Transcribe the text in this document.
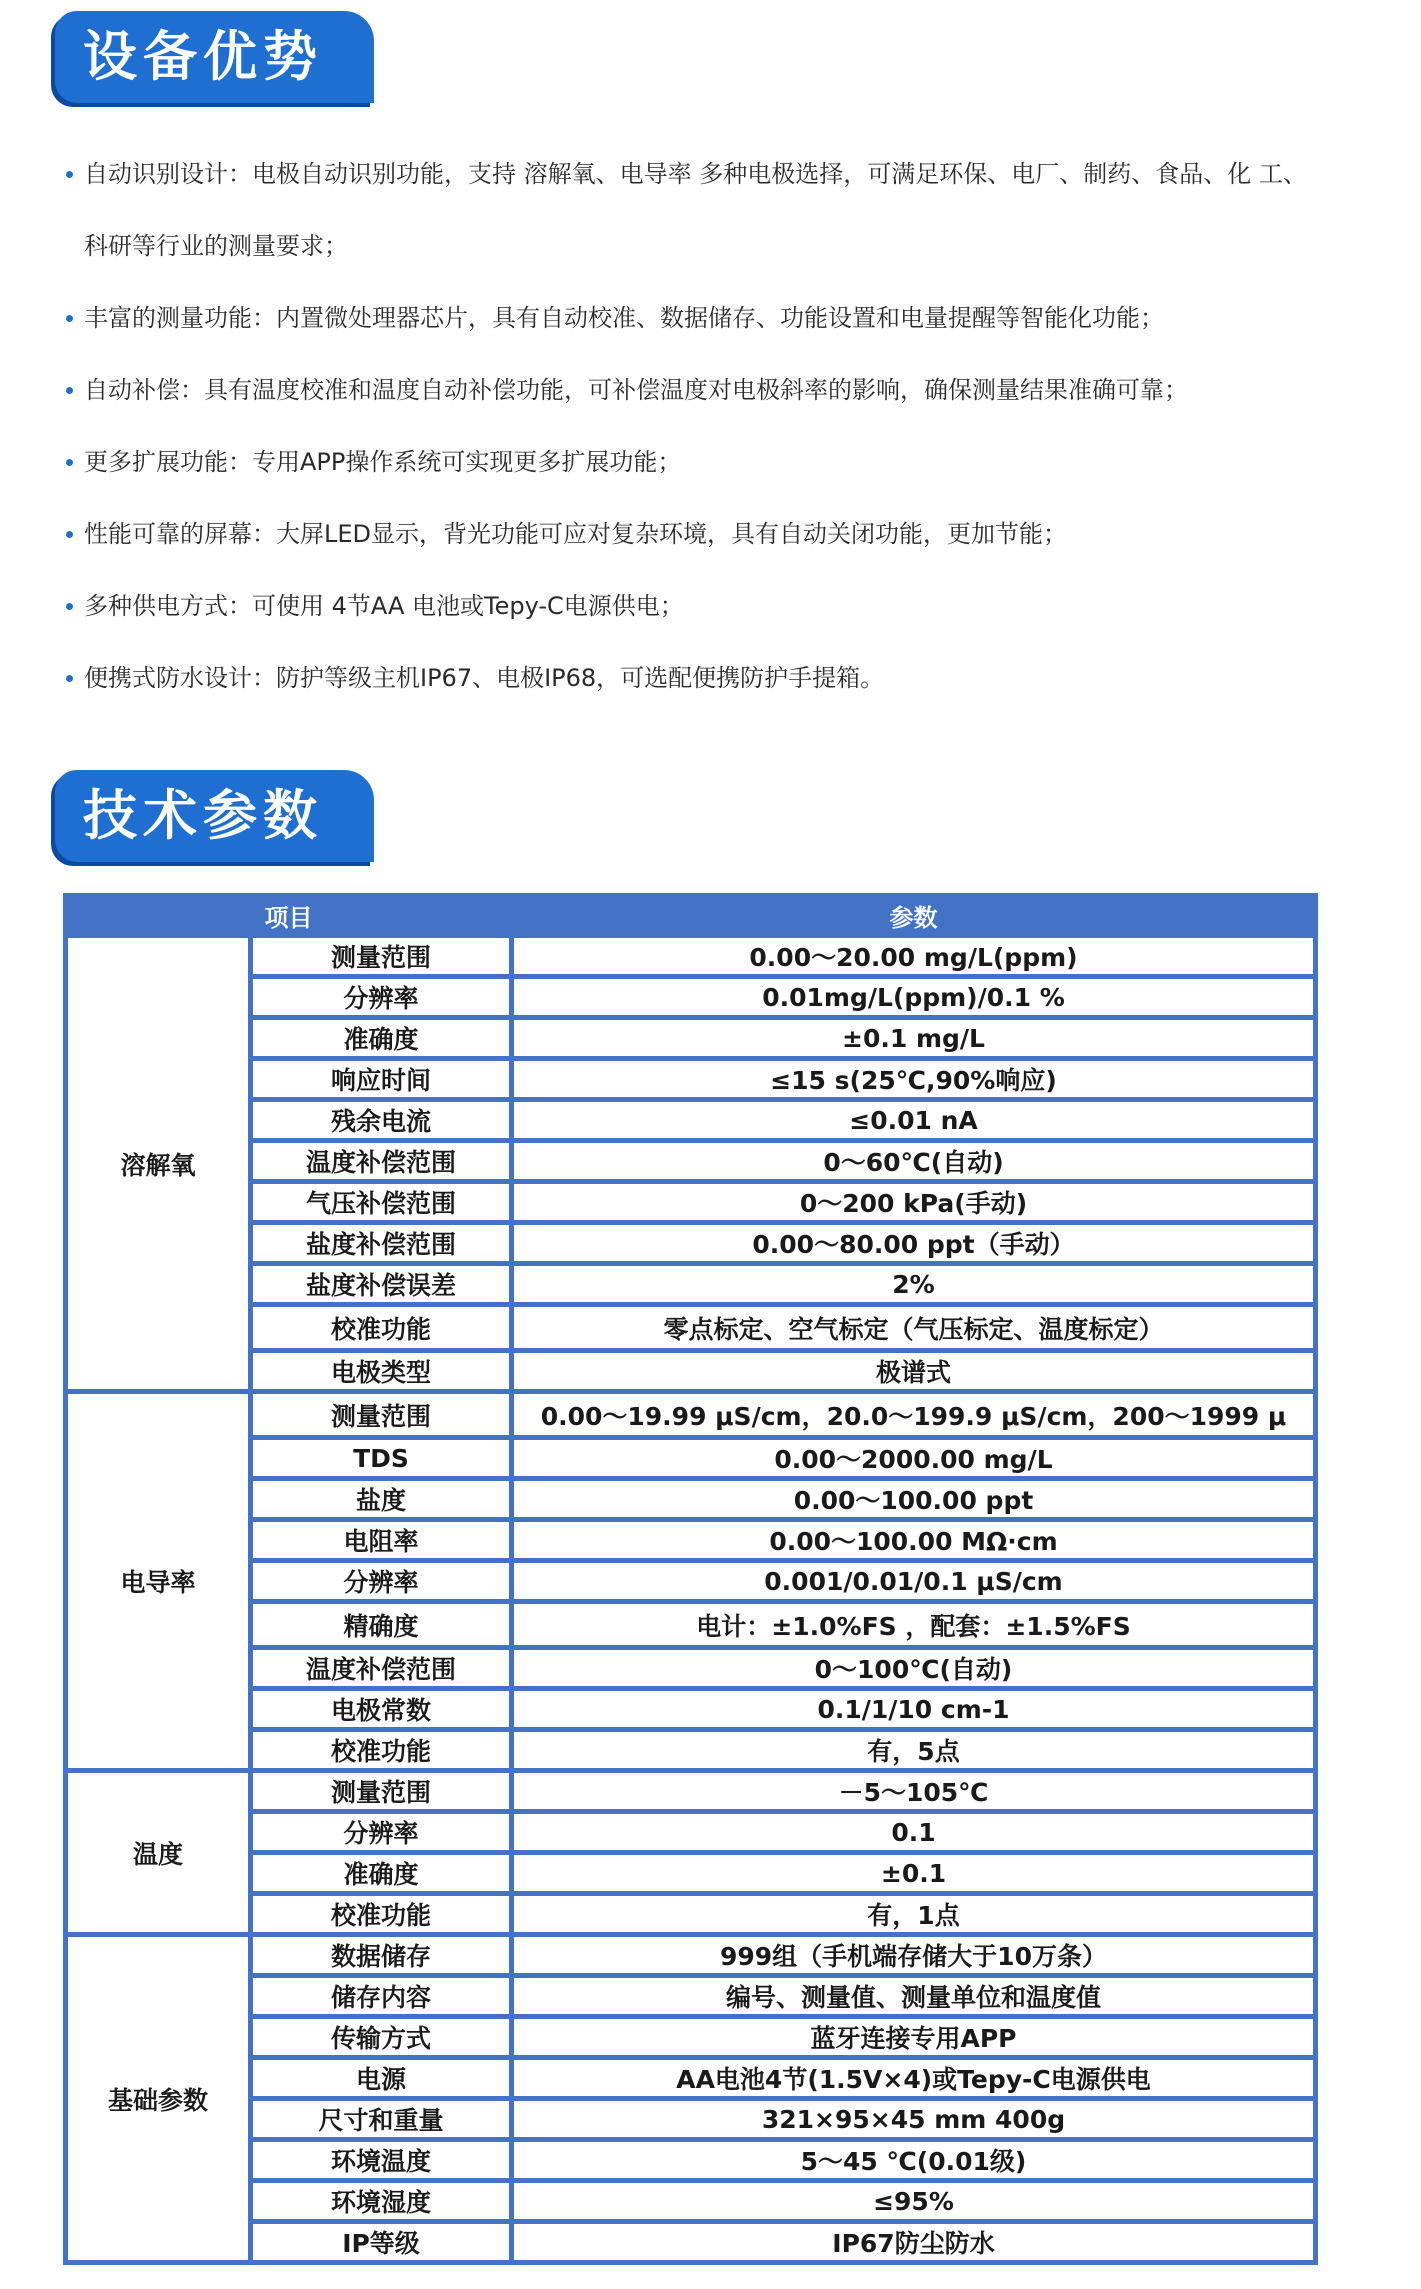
设备优势
自动识别设计：电极自动识别功能，支持 溶解氧、电导率 多种电极选择，可满足环保、电厂、制药、食品、化 工、
科研等行业的测量要求；
丰富的测量功能：内置微处理器芯片，具有自动校准、数据储存、功能设置和电量提醒等智能化功能；
自动补偿：具有温度校准和温度自动补偿功能，可补偿温度对电极斜率的影响，确保测量结果准确可靠；
更多扩展功能：专用APP操作系统可实现更多扩展功能；
性能可靠的屏幕：大屏LED显示，背光功能可应对复杂环境，具有自动关闭功能，更加节能；
多种供电方式：可使用 4节AA 电池或Tepy-C电源供电；
便携式防水设计：防护等级主机IP67、电极IP68，可选配便携防护手提箱。
技术参数
项目		参数
溶解氧	测量范围	0.00～20.00 mg/L(ppm)
	分辨率	0.01mg/L(ppm)/0.1 %
	准确度	±0.1 mg/L
	响应时间	≤15 s(25℃,90%响应)
	残余电流	≤0.01 nA
	温度补偿范围	0～60℃(自动)
	气压补偿范围	0～200 kPa(手动)
	盐度补偿范围	0.00～80.00 ppt（手动）
	盐度补偿误差	2%
	校准功能	零点标定、空气标定（气压标定、温度标定）
	电极类型	极谱式
电导率	测量范围	0.00～19.99 μS/cm，20.0～199.9 μS/cm，200～1999 μ
	TDS	0.00～2000.00 mg/L
	盐度	0.00～100.00 ppt
	电阻率	0.00～100.00 MΩ·cm
	分辨率	0.001/0.01/0.1 μS/cm
	精确度	电计：±1.0%FS ，配套：±1.5%FS
	温度补偿范围	0～100℃(自动)
	电极常数	0.1/1/10 cm-1
	校准功能	有，5点
温度	测量范围	－5～105℃
	分辨率	0.1
	准确度	±0.1
	校准功能	有，1点
基础参数	数据储存	999组（手机端存储大于10万条）
	储存内容	编号、测量值、测量单位和温度值
	传输方式	蓝牙连接专用APP
	电源	AA电池4节(1.5V×4)或Tepy-C电源供电
	尺寸和重量	321×95×45 mm 400g
	环境温度	5～45 ℃(0.01级)
	环境湿度	≤95%
	IP等级	IP67防尘防水
